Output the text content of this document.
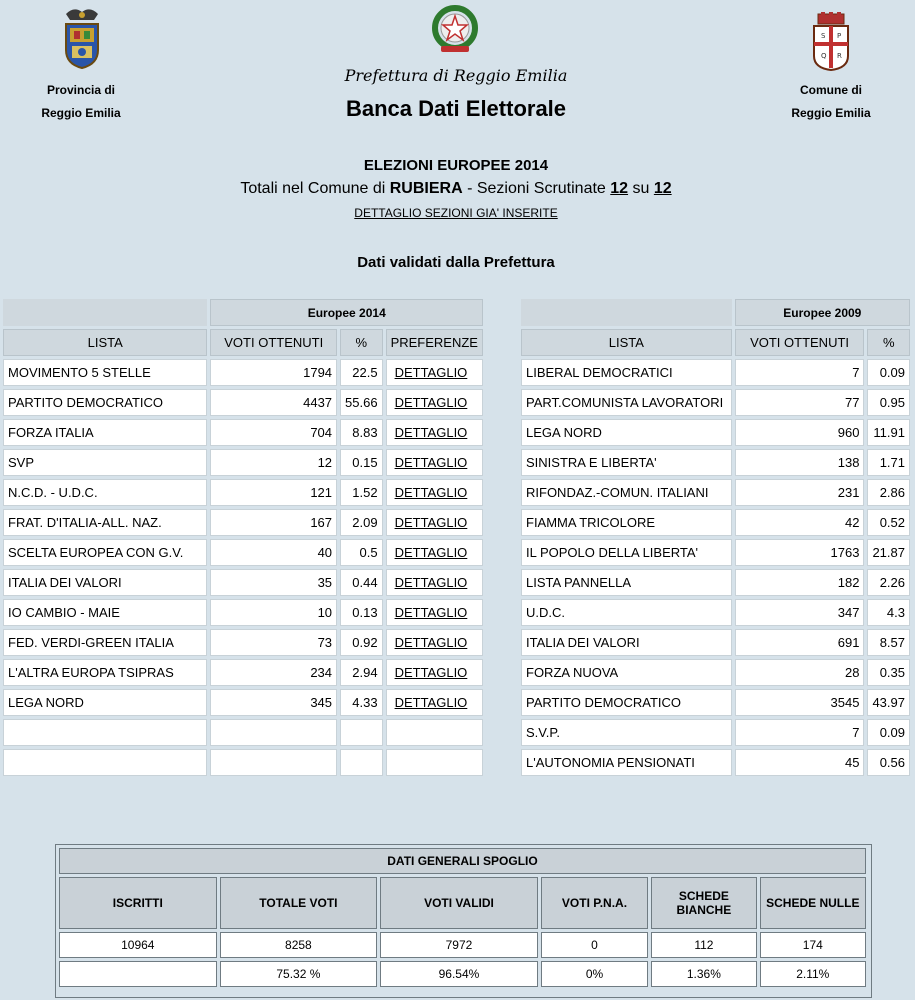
Provincia di
Reggio Emilia
Prefettura di Reggio Emilia
Banca Dati Elettorale
S P
Q R
Comune di
Reggio Emilia
ELEZIONI EUROPEE 2014
Totali nel Comune di RUBIERA - Sezioni Scrutinate 12 su 12
DETTAGLIO SEZIONI GIA' INSERITE
Dati validati dalla Prefettura
	Europee 2014		
LISTA	VOTI OTTENUTI	%	PREFERENZE
MOVIMENTO 5 STELLE	1794	22.5	DETTAGLIO
PARTITO DEMOCRATICO	4437	55.66	DETTAGLIO
FORZA ITALIA	704	8.83	DETTAGLIO
SVP	12	0.15	DETTAGLIO
N.C.D. - U.D.C.	121	1.52	DETTAGLIO
FRAT. D'ITALIA-ALL. NAZ.	167	2.09	DETTAGLIO
SCELTA EUROPEA CON G.V.	40	0.5	DETTAGLIO
ITALIA DEI VALORI	35	0.44	DETTAGLIO
IO CAMBIO - MAIE	10	0.13	DETTAGLIO
FED. VERDI-GREEN ITALIA	73	0.92	DETTAGLIO
L'ALTRA EUROPA TSIPRAS	234	2.94	DETTAGLIO
LEGA NORD	345	4.33	DETTAGLIO

	Europee 2009	
LISTA	VOTI OTTENUTI	%
LIBERAL DEMOCRATICI	7	0.09
PART.COMUNISTA LAVORATORI	77	0.95
LEGA NORD	960	11.91
SINISTRA E LIBERTA'	138	1.71
RIFONDAZ.-COMUN. ITALIANI	231	2.86
FIAMMA TRICOLORE	42	0.52
IL POPOLO DELLA LIBERTA'	1763	21.87
LISTA PANNELLA	182	2.26
U.D.C.	347	4.3
ITALIA DEI VALORI	691	8.57
FORZA NUOVA	28	0.35
PARTITO DEMOCRATICO	3545	43.97
S.V.P.	7	0.09
L'AUTONOMIA PENSIONATI	45	0.56
DATI GENERALI SPOGLIO					
ISCRITTI	TOTALE VOTI	VOTI VALIDI	VOTI P.N.A.	SCHEDE BIANCHE	SCHEDE NULLE
10964	8258	7972	0	112	174
	75.32 %	96.54%	0%	1.36%	2.11%
